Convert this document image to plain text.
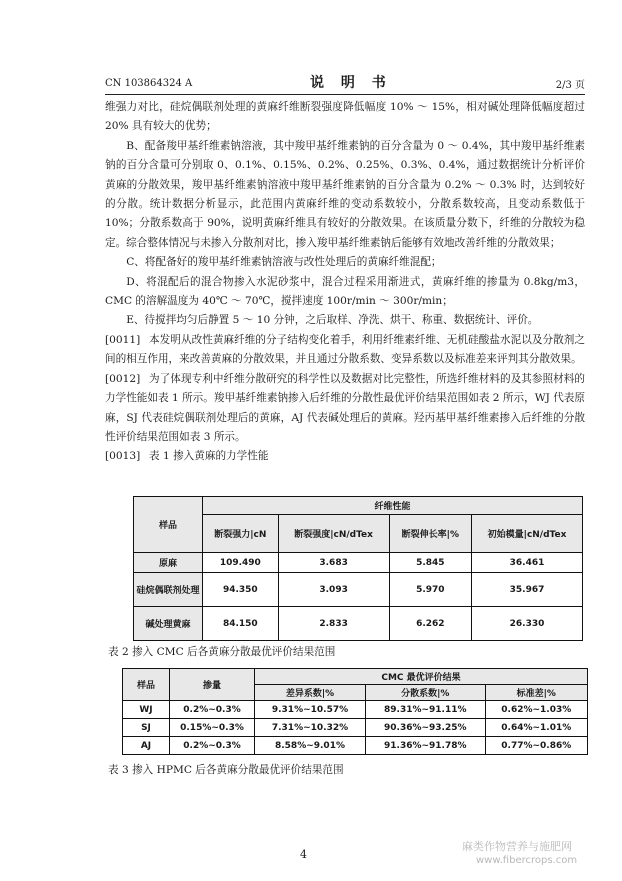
CN 103864324 A	说 明 书	2/3 页

维强力对比，硅烷偶联剂处理的黄麻纤维断裂强度降低幅度 10% ～ 15%，相对碱处理降低幅度超过 20% 具有较大的优势；

B、配备羧甲基纤维素钠溶液，其中羧甲基纤维素钠的百分含量为 0 ～ 0.4%，其中羧甲基纤维素钠的百分含量可分别取 0、0.1%、0.15%、0.2%、0.25%、0.3%、0.4%，通过数据统计分析评价黄麻的分散效果，羧甲基纤维素钠溶液中羧甲基纤维素钠的百分含量为 0.2% ～ 0.3% 时，达到较好的分散。统计数据分析显示，此范围内黄麻纤维的变动系数较小，分散系数较高，且变动系数低于 10%；分散系数高于 90%，说明黄麻纤维具有较好的分散效果。在该质量分数下，纤维的分散较为稳定。综合整体情况与未掺入分散剂对比，掺入羧甲基纤维素钠后能够有效地改善纤维的分散效果；

C、将配备好的羧甲基纤维素钠溶液与改性处理后的黄麻纤维混配；

D、将混配后的混合物掺入水泥砂浆中，混合过程采用渐进式，黄麻纤维的掺量为 0.8kg/m3，CMC 的溶解温度为 40℃ ～ 70℃，搅拌速度 100r/min ～ 300r/min；

E、待搅拌均匀后静置 5 ～ 10 分钟，之后取样、净洗、烘干、称重、数据统计、评价。

[0011] 本发明从改性黄麻纤维的分子结构变化着手，利用纤维素纤维、无机硅酸盐水泥以及分散剂之间的相互作用，来改善黄麻的分散效果，并且通过分散系数、变异系数以及标准差来评判其分散效果。

[0012] 为了体现专利中纤维分散研究的科学性以及数据对比完整性，所选纤维材料的及其参照材料的力学性能如表 1 所示。羧甲基纤维素钠掺入后纤维的分散性最优评价结果范围如表 2 所示，WJ 代表原麻，SJ 代表硅烷偶联剂处理后的黄麻，AJ 代表碱处理后的黄麻。羟丙基甲基纤维素掺入后纤维的分散性评价结果范围如表 3 所示。

[0013] 表 1 掺入黄麻的力学性能

样品	纤维性能			
	断裂强力|cN	断裂强度|cN/dTex	断裂伸长率|%	初始模量|cN/dTex
原麻	109.490	3.683	5.845	36.461
硅烷偶联剂处理	94.350	3.093	5.970	35.967
碱处理黄麻	84.150	2.833	6.262	26.330
表 2 掺入 CMC 后各黄麻分散最优评价结果范围
样品	掺量	CMC 最优评价结果		
		差异系数|%	分散系数|%	标准差|%
WJ	0.2%~0.3%	9.31%~10.57%	89.31%~91.11%	0.62%~1.03%
SJ	0.15%~0.3%	7.31%~10.32%	90.36%~93.25%	0.64%~1.01%
AJ	0.2%~0.3%	8.58%~9.01%	91.36%~91.78%	0.77%~0.86%
表 3 掺入 HPMC 后各黄麻分散最优评价结果范围
4
麻类作物营养与施肥网
www.fibercrops.com
